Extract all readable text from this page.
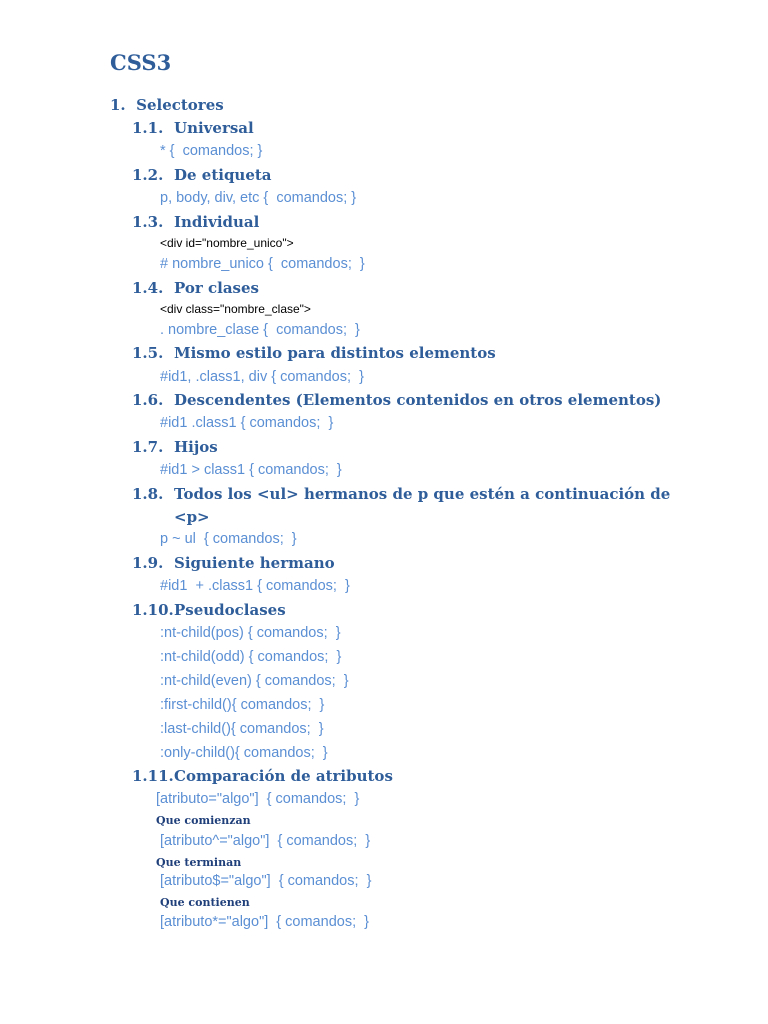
CSS3
1. Selectores
1.1. Universal
* {  comandos; }
1.2. De etiqueta
p, body, div, etc {  comandos; }
1.3. Individual
<div id="nombre_unico">
# nombre_unico {  comandos;  }
1.4. Por clases
<div class="nombre_clase">
. nombre_clase {  comandos;  }
1.5. Mismo estilo para distintos elementos
#id1, .class1, div { comandos;  }
1.6. Descendentes (Elementos contenidos en otros elementos)
#id1 .class1 { comandos;  }
1.7. Hijos
#id1 > class1 { comandos;  }
1.8. Todos los <ul> hermanos de p que estén a continuación de
<p>
p ~ ul  { comandos;  }
1.9. Siguiente hermano
#id1  + .class1 { comandos;  }
1.10.Pseudoclases
:nt-child(pos) { comandos;  }
:nt-child(odd) { comandos;  }
:nt-child(even) { comandos;  }
:first-child(){ comandos;  }
:last-child(){ comandos;  }
:only-child(){ comandos;  }
1.11.Comparación de atributos
[atributo="algo"]  { comandos;  }
Que comienzan
[atributo^="algo"]  { comandos;  }
Que terminan
[atributo$="algo"]  { comandos;  }
Que contienen
[atributo*="algo"]  { comandos;  }
